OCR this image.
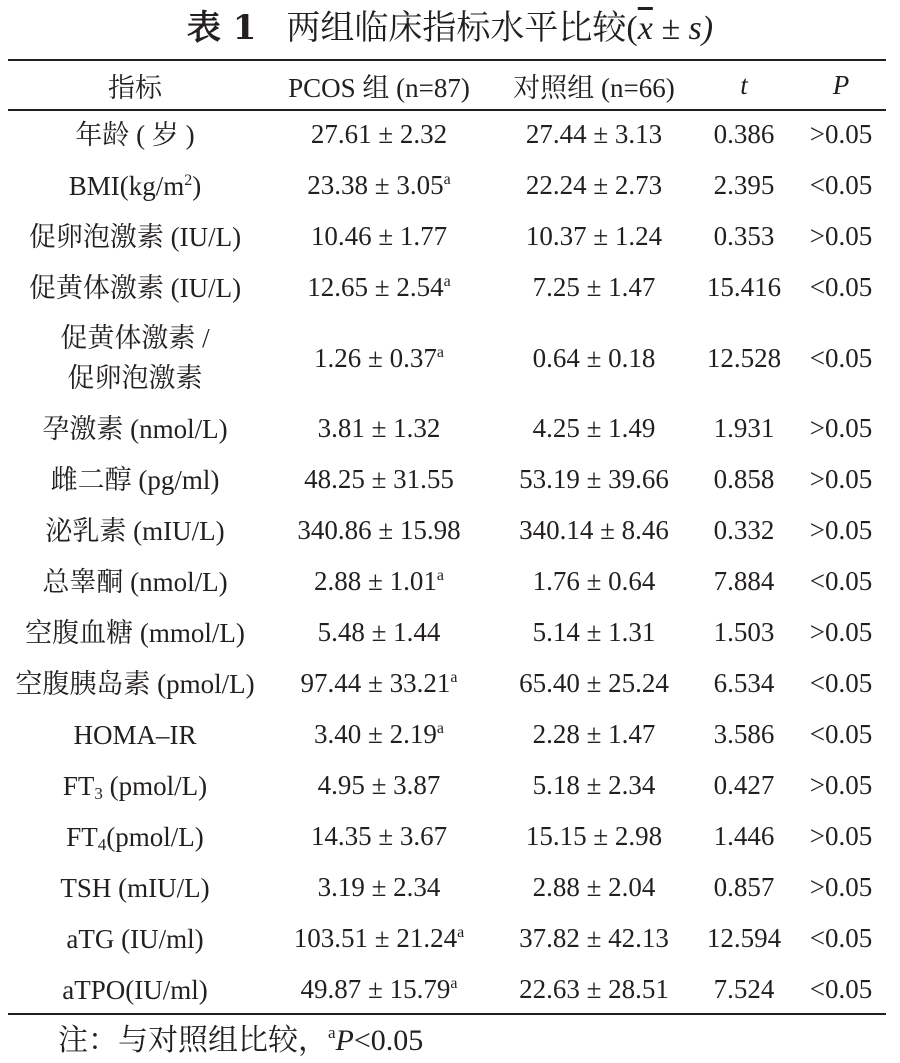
表 1 两组临床指标水平比较$(\overline{x} \pm s)$
指标	PCOS 组 (n=87)	对照组 (n=66)	t	P
年龄 ( 岁 )	27.61 ± 2.32	27.44 ± 3.13	0.386	>0.05
$BMI(kg/m^2)$	23.38 ± 3.05$^a$	22.24 ± 2.73	2.395	<0.05
促卵泡激素 (IU/L)	10.46 ± 1.77	10.37 ± 1.24	0.353	>0.05
促黄体激素 (IU/L)	12.65 ± 2.54$^a$	7.25 ± 1.47	15.416	<0.05

促黄体激素 /
促卵泡激素	1.26 ± 0.37$^a$	0.64 ± 0.18	12.528	<0.05
孕激素 (nmol/L)	3.81 ± 1.32	4.25 ± 1.49	1.931	>0.05
雌二醇 (pg/ml)	48.25 ± 31.55	53.19 ± 39.66	0.858	>0.05
泌乳素 (mIU/L)	340.86 ± 15.98	340.14 ± 8.46	0.332	>0.05
总睾酮 (nmol/L)	2.88 ± 1.01$^a$	1.76 ± 0.64	7.884	<0.05
空腹血糖 (mmol/L)	5.48 ± 1.44	5.14 ± 1.31	1.503	>0.05
空腹胰岛素 (pmol/L)	97.44 ± 33.21$^a$	65.40 ± 25.24	6.534	<0.05
HOMA–IR	3.40 ± 2.19$^a$	2.28 ± 1.47	3.586	<0.05
$FT_3$ (pmol/L)	4.95 ± 3.87	5.18 ± 2.34	0.427	>0.05
$FT_4(pmol/L)$	14.35 ± 3.67	15.15 ± 2.98	1.446	>0.05
TSH (mIU/L)	3.19 ± 2.34	2.88 ± 2.04	0.857	>0.05
aTG (IU/ml)	103.51 ± 21.24$^a$	37.82 ± 42.13	12.594	<0.05
aTPO(IU/ml)	49.87 ± 15.79$^a$	22.63 ± 28.51	7.524	<0.05
注：与对照组比较，$^a$P<0.05
